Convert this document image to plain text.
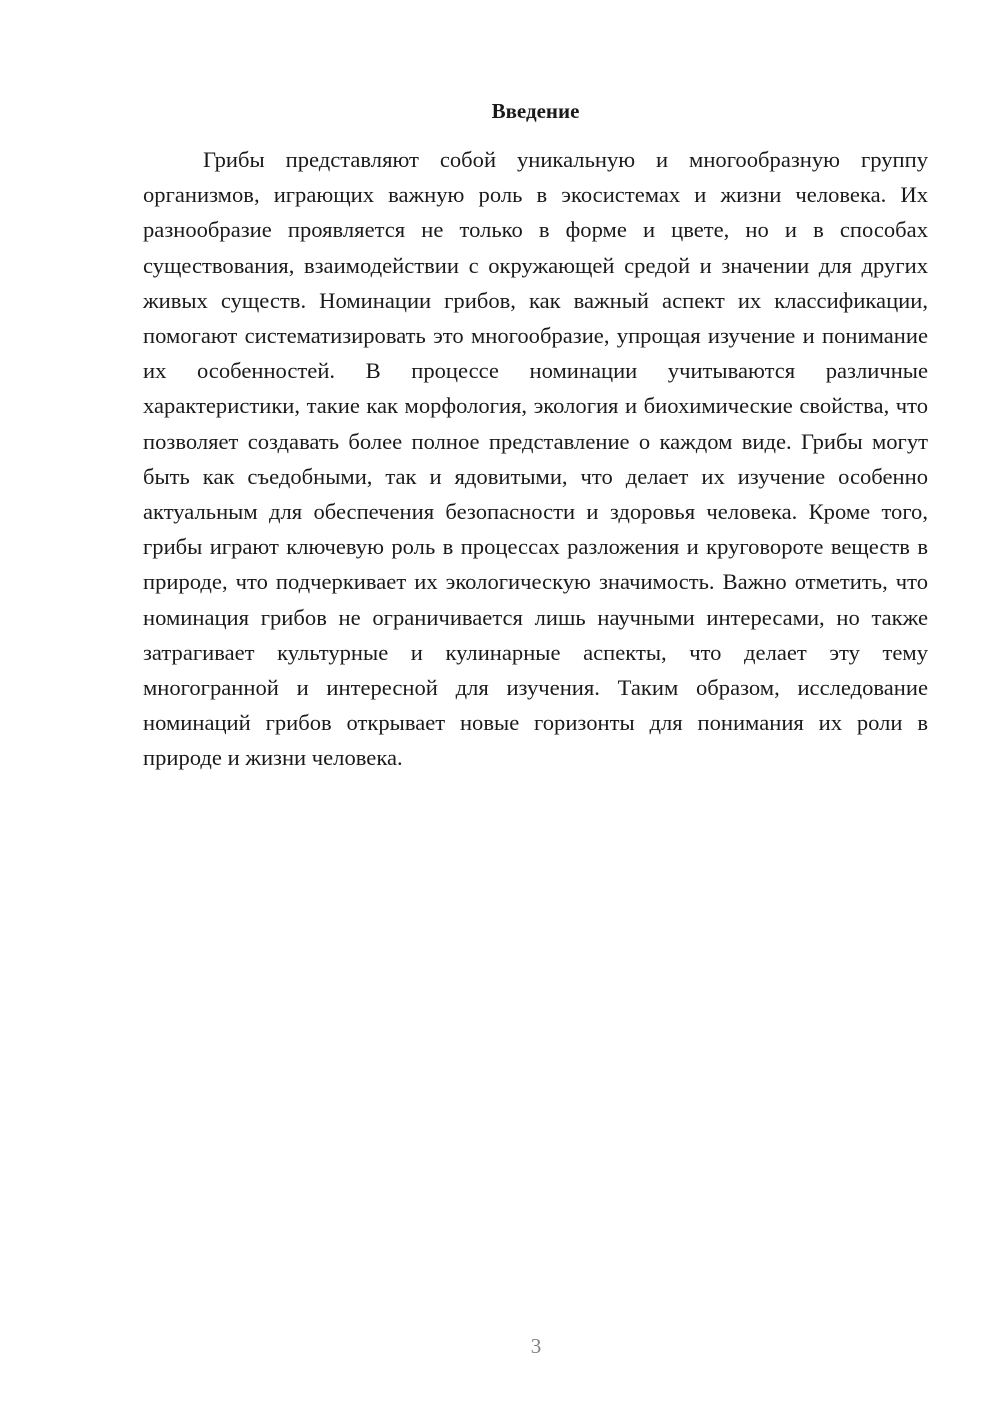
Введение

Грибы представляют собой уникальную и многообразную группу организмов, играющих важную роль в экосистемах и жизни человека. Их разнообразие проявляется не только в форме и цвете, но и в способах существования, взаимодействии с окружающей средой и значении для других живых существ. Номинации грибов, как важный аспект их классификации, помогают систематизировать это многообразие, упрощая изучение и понимание их особенностей. В процессе номинации учитываются различные характеристики, такие как морфология, экология и биохимические свойства, что позволяет создавать более полное представление о каждом виде. Грибы могут быть как съедобными, так и ядовитыми, что делает их изучение особенно актуальным для обеспечения безопасности и здоровья человека. Кроме того, грибы играют ключевую роль в процессах разложения и круговороте веществ в природе, что подчеркивает их экологическую значимость. Важно отметить, что номинация грибов не ограничивается лишь научными интересами, но также затрагивает культурные и кулинарные аспекты, что делает эту тему многогранной и интересной для изучения. Таким образом, исследование номинаций грибов открывает новые горизонты для понимания их роли в природе и жизни человека.

3
